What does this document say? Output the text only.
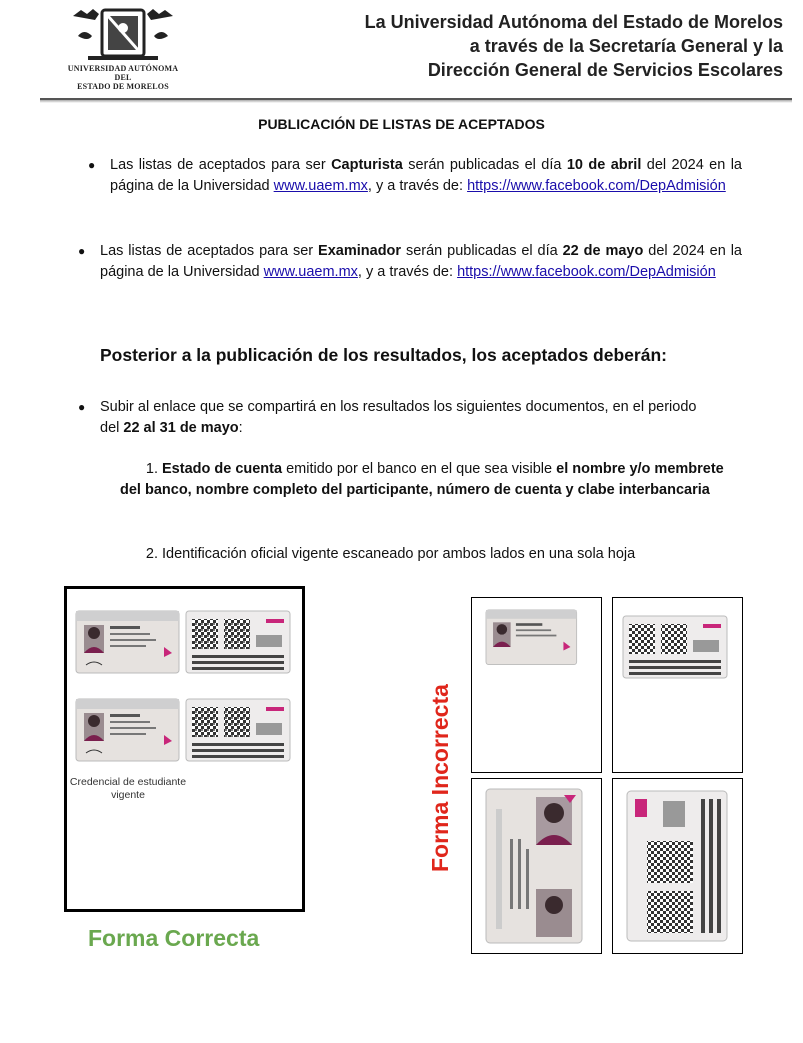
UNIVERSIDAD AUTÓNOMA DEL
ESTADO DE MORELOS
La Universidad Autónoma del Estado de Morelos
a través de la Secretaría General y la
Dirección General de Servicios Escolares
PUBLICACIÓN DE LISTAS DE ACEPTADOS
● Las listas de aceptados para ser Capturista serán publicadas el día 10 de abril del 2024 en la página de la Universidad www.uaem.mx, y a través de: https://www.facebook.com/DepAdmisión
● Las listas de aceptados para ser Examinador serán publicadas el día 22 de mayo del 2024 en la página de la Universidad www.uaem.mx, y a través de: https://www.facebook.com/DepAdmisión
Posterior a la publicación de los resultados, los aceptados deberán:
● Subir al enlace que se compartirá en los resultados los siguientes documentos, en el periodo del 22 al 31 de mayo:
1. Estado de cuenta emitido por el banco en el que sea visible el nombre y/o membrete del banco, nombre completo del participante, número de cuenta y clabe interbancaria
2. Identificación oficial vigente escaneado por ambos lados en una sola hoja
Credencial de estudiante
vigente
Forma Correcta
Forma Incorrecta
